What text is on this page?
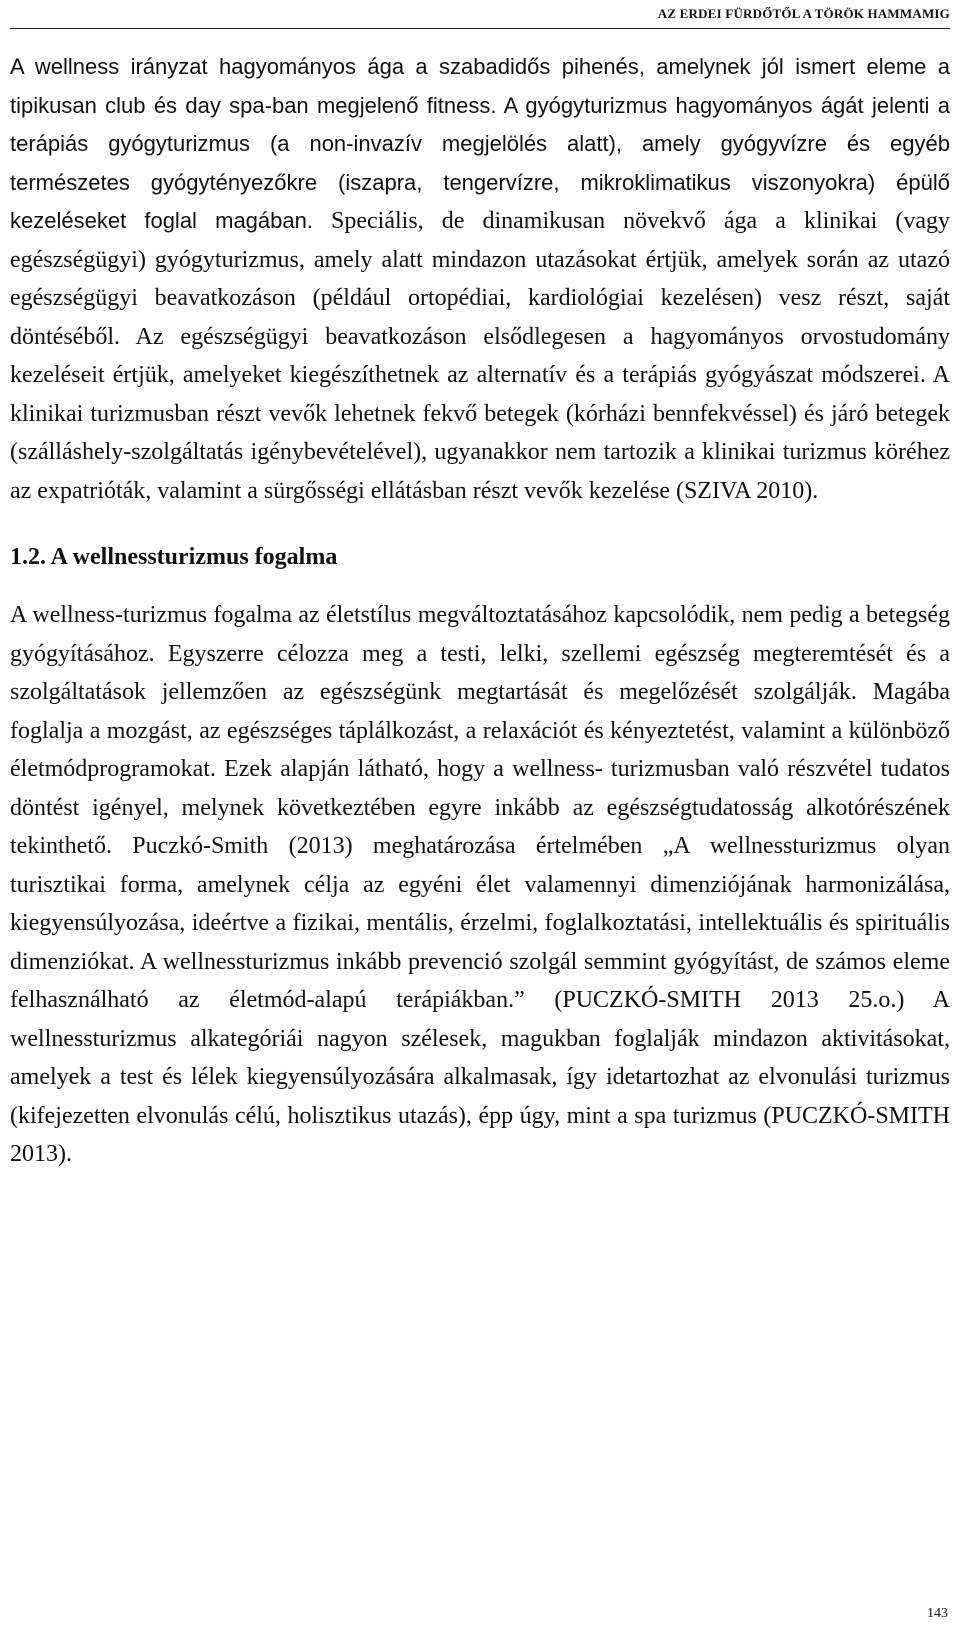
AZ ERDEI FÜRDŐTŐL A TÖRÖK HAMMAMIG

A wellness irányzat hagyományos ága a szabadidős pihenés, amelynek jól ismert eleme a tipikusan club és day spa-ban megjelenő fitness. A gyógyturizmus hagyományos ágát jelenti a terápiás gyógyturizmus (a non-invazív megjelölés alatt), amely gyógyvízre és egyéb természetes gyógytényezőkre (iszapra, tengervízre, mikroklimatikus viszonyokra) épülő kezeléseket foglal magában. Speciális, de dinamikusan növekvő ága a klinikai (vagy egészségügyi) gyógyturizmus, amely alatt mindazon utazásokat értjük, amelyek során az utazó egészségügyi beavatkozáson (például ortopédiai, kardiológiai kezelésen) vesz részt, saját döntéséből. Az egészségügyi beavatkozáson elsődlegesen a hagyományos orvostudomány kezeléseit értjük, amelyeket kiegészíthetnek az alternatív és a terápiás gyógyászat módszerei. A klinikai turizmusban részt vevők lehetnek fekvő betegek (kórházi bennfekvéssel) és járó betegek (szálláshely-szolgáltatás igénybevételével), ugyanakkor nem tartozik a klinikai turizmus köréhez az expatrióták, valamint a sürgősségi ellátásban részt vevők kezelése (SZIVA 2010).

1.2. A wellnessturizmus fogalma

A wellness-turizmus fogalma az életstílus megváltoztatásához kapcsolódik, nem pedig a betegség gyógyításához. Egyszerre célozza meg a testi, lelki, szellemi egészség megteremtését és a szolgáltatások jellemzően az egészségünk megtartását és megelőzését szolgálják. Magába foglalja a mozgást, az egészséges táplálkozást, a relaxációt és kényeztetést, valamint a különböző életmódprogramokat. Ezek alapján látható, hogy a wellness- turizmusban való részvétel tudatos döntést igényel, melynek következtében egyre inkább az egészségtudatosság alkotórészének tekinthető. Puczkó-Smith (2013) meghatározása értelmében „A wellnessturizmus olyan turisztikai forma, amelynek célja az egyéni élet valamennyi dimenziójának harmonizálása, kiegyensúlyozása, ideértve a fizikai, mentális, érzelmi, foglalkoztatási, intellektuális és spirituális dimenziókat. A wellnessturizmus inkább prevenció szolgál semmint gyógyítást, de számos eleme felhasználható az életmód-alapú terápiákban.” (PUCZKÓ-SMITH 2013 25.o.) A wellnessturizmus alkategóriái nagyon szélesek, magukban foglalják mindazon aktivitásokat, amelyek a test és lélek kiegyensúlyozására alkalmasak, így idetartozhat az elvonulási turizmus (kifejezetten elvonulás célú, holisztikus utazás), épp úgy, mint a spa turizmus (PUCZKÓ-SMITH 2013).

143
